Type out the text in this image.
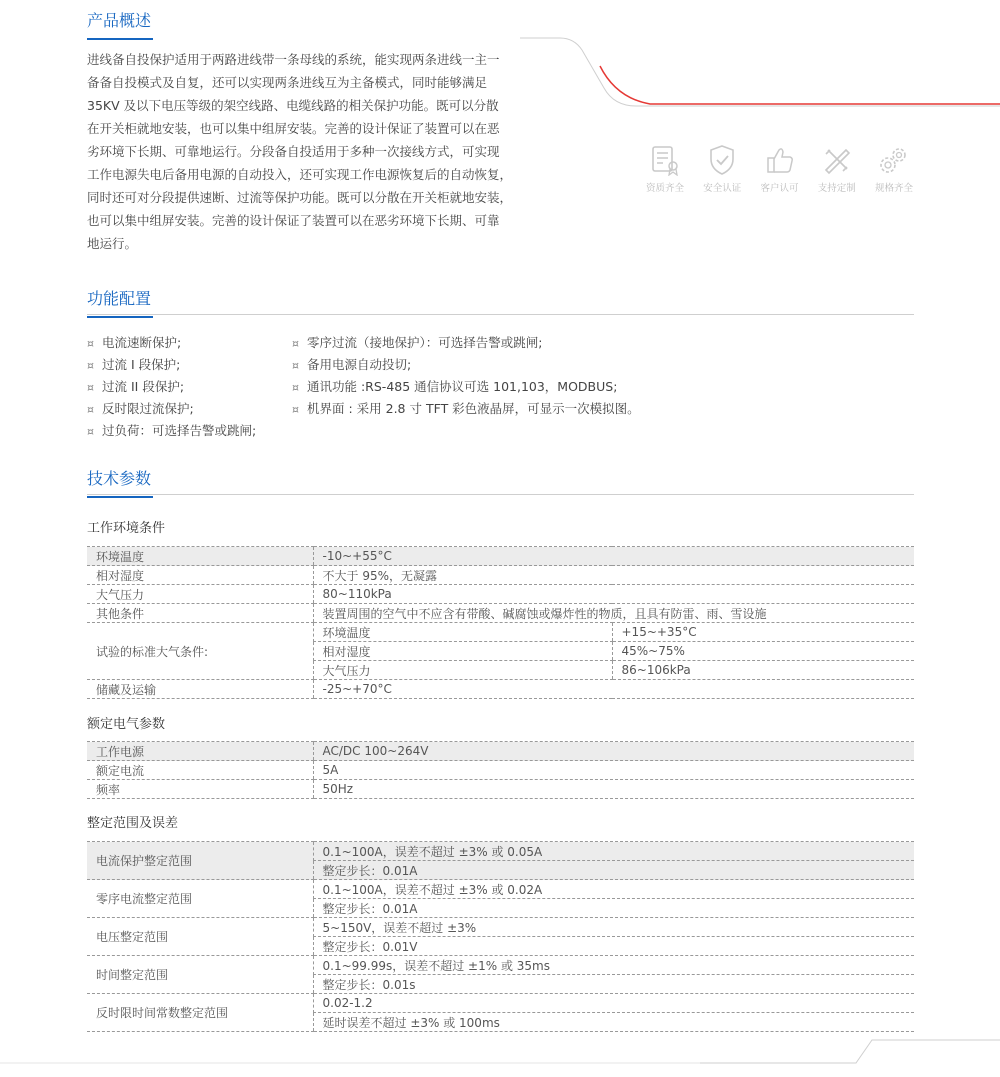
产品概述
进线备自投保护适用于两路进线带一条母线的系统，能实现两条进线一主一
备备自投模式及自复，还可以实现两条进线互为主备模式，同时能够满足
35KV 及以下电压等级的架空线路、电缆线路的相关保护功能。既可以分散
在开关柜就地安装，也可以集中组屏安装。完善的设计保证了装置可以在恶
劣环境下长期、可靠地运行。分段备自投适用于多种一次接线方式，可实现
工作电源失电后备用电源的自动投入，还可实现工作电源恢复后的自动恢复，
同时还可对分段提供速断、过流等保护功能。既可以分散在开关柜就地安装，
也可以集中组屏安装。完善的设计保证了装置可以在恶劣环境下长期、可靠
地运行。
资质齐全	安全认证	客户认可	支持定制	规格齐全
功能配置
¤ 电流速断保护;
¤ 过流 I 段保护;
¤ 过流 II 段保护;
¤ 反时限过流保护;
¤ 过负荷：可选择告警或跳闸;
¤ 零序过流（接地保护）：可选择告警或跳闸;
¤ 备用电源自动投切;
¤ 通讯功能 :RS-485 通信协议可选 101,103，MODBUS;
¤ 机界面 : 采用 2.8 寸 TFT 彩色液晶屏，可显示一次模拟图。
技术参数
工作环境条件
环境温度	-10~+55°C	
相对湿度	不大于 95%，无凝露	
大气压力	80~110kPa	
其他条件	装置周围的空气中不应含有带酸、碱腐蚀或爆炸性的物质，且具有防雷、雨、雪设施	
试验的标准大气条件:	环境温度	+15~+35°C
	相对湿度	45%~75%
	大气压力	86~106kPa
储藏及运输	-25~+70°C	
额定电气参数
工作电源	AC/DC 100~264V
额定电流	5A
频率	50Hz
整定范围及误差
电流保护整定范围	0.1~100A，误差不超过 ±3% 或 0.05A
	整定步长：0.01A
零序电流整定范围	0.1~100A，误差不超过 ±3% 或 0.02A
	整定步长：0.01A
电压整定范围	5~150V，误差不超过 ±3%
	整定步长：0.01V
时间整定范围	0.1~99.99s，误差不超过 ±1% 或 35ms
	整定步长：0.01s
反时限时间常数整定范围	0.02-1.2
	延时误差不超过 ±3% 或 100ms
